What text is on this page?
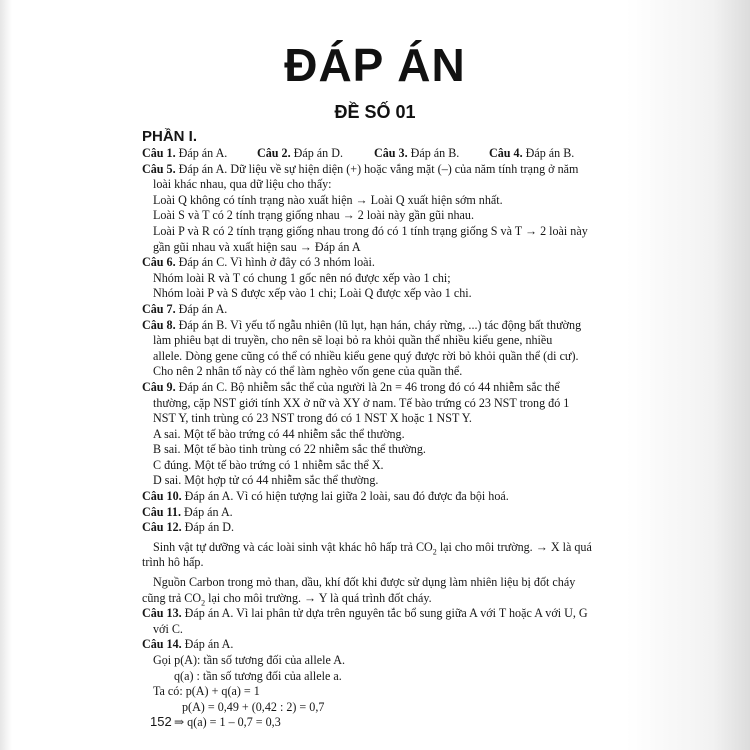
ĐÁP ÁN
ĐỀ SỐ 01
PHẦN I.
Câu 1. Đáp án A.	Câu 2. Đáp án D.	Câu 3. Đáp án B.	Câu 4. Đáp án B.
Câu 5. Đáp án A. Dữ liệu về sự hiện diện (+) hoặc vắng mặt (–) của năm tính trạng ở năm
loài khác nhau, qua dữ liệu cho thấy:
Loài Q không có tính trạng nào xuất hiện → Loài Q xuất hiện sớm nhất.
Loài S và T có 2 tính trạng giống nhau → 2 loài này gần gũi nhau.
Loài P và R có 2 tính trạng giống nhau trong đó có 1 tính trạng giống S và T → 2 loài này
gần gũi nhau và xuất hiện sau → Đáp án A
Câu 6. Đáp án C. Vì hình ở đây có 3 nhóm loài.
Nhóm loài R và T có chung 1 gốc nên nó được xếp vào 1 chi;
Nhóm loài P và S được xếp vào 1 chi; Loài Q được xếp vào 1 chi.
Câu 7. Đáp án A.
Câu 8. Đáp án B. Vì yếu tố ngẫu nhiên (lũ lụt, hạn hán, cháy rừng, ...) tác động bất thường
làm phiêu bạt di truyền, cho nên sẽ loại bỏ ra khỏi quần thể nhiều kiểu gene, nhiều
allele. Dòng gene cũng có thể có nhiều kiểu gene quý được rời bỏ khỏi quần thể (di cư).
Cho nên 2 nhân tố này có thể làm nghèo vốn gene của quần thể.
Câu 9. Đáp án C. Bộ nhiễm sắc thể của người là 2n = 46 trong đó có 44 nhiễm sắc thể
thường, cặp NST giới tính XX ở nữ và XY ở nam. Tế bào trứng có 23 NST trong đó 1
NST Y, tinh trùng có 23 NST trong đó có 1 NST X hoặc 1 NST Y.
A sai. Một tế bào trứng có 44 nhiễm sắc thể thường.
B sai. Một tế bào tinh trùng có 22 nhiễm sắc thể thường.
C đúng. Một tế bào trứng có 1 nhiễm sắc thể X.
D sai. Một hợp tử có 44 nhiễm sắc thể thường.
Câu 10. Đáp án A. Vì có hiện tượng lai giữa 2 loài, sau đó được đa bội hoá.
Câu 11. Đáp án A.
Câu 12. Đáp án D.
Sinh vật tự dưỡng và các loài sinh vật khác hô hấp trả $CO_2$ lại cho môi trường. → X là quá
trình hô hấp.
Nguồn Carbon trong mỏ than, dầu, khí đốt khi được sử dụng làm nhiên liệu bị đốt cháy
cũng trả $CO_2$ lại cho môi trường. → Y là quá trình đốt cháy.
Câu 13. Đáp án A. Vì lai phân tử dựa trên nguyên tắc bổ sung giữa A với T hoặc A với U, G
với C.
Câu 14. Đáp án A.
Gọi p(A): tần số tương đối của allele A.
q(a) : tần số tương đối của allele a.
Ta có: p(A) + q(a) = 1
p(A) = 0,49 + (0,42 : 2) = 0,7
⇒ q(a) = 1 – 0,7 = 0,3
152
